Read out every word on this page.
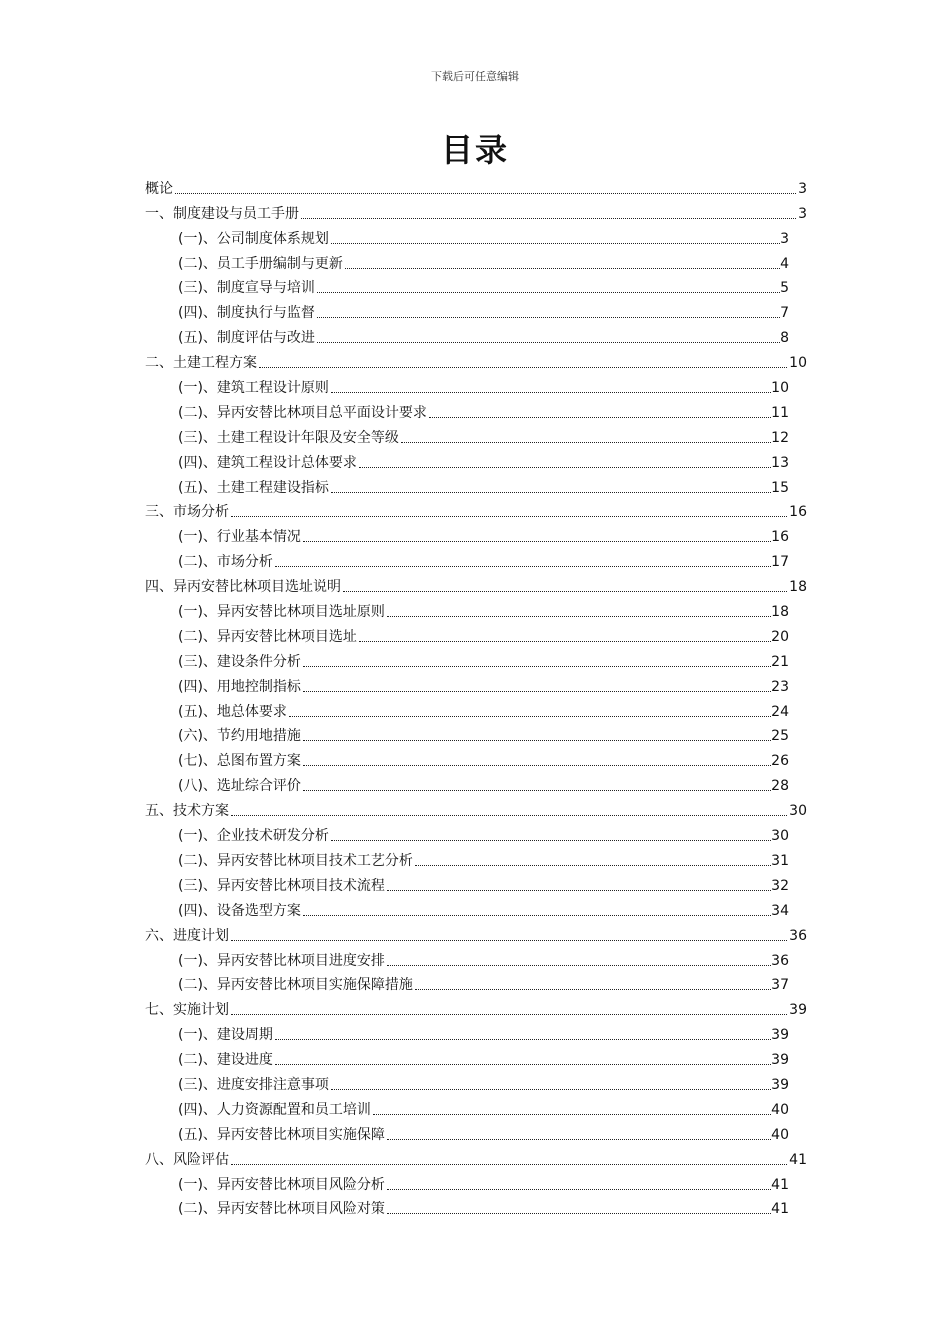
下载后可任意编辑
目录
概论	3
一、制度建设与员工手册	3
(一)、公司制度体系规划	3
(二)、员工手册编制与更新	4
(三)、制度宣导与培训	5
(四)、制度执行与监督	7
(五)、制度评估与改进	8
二、土建工程方案	10
(一)、建筑工程设计原则	10
(二)、异丙安替比林项目总平面设计要求	11
(三)、土建工程设计年限及安全等级	12
(四)、建筑工程设计总体要求	13
(五)、土建工程建设指标	15
三、市场分析	16
(一)、行业基本情况	16
(二)、市场分析	17
四、异丙安替比林项目选址说明	18
(一)、异丙安替比林项目选址原则	18
(二)、异丙安替比林项目选址	20
(三)、建设条件分析	21
(四)、用地控制指标	23
(五)、地总体要求	24
(六)、节约用地措施	25
(七)、总图布置方案	26
(八)、选址综合评价	28
五、技术方案	30
(一)、企业技术研发分析	30
(二)、异丙安替比林项目技术工艺分析	31
(三)、异丙安替比林项目技术流程	32
(四)、设备选型方案	34
六、进度计划	36
(一)、异丙安替比林项目进度安排	36
(二)、异丙安替比林项目实施保障措施	37
七、实施计划	39
(一)、建设周期	39
(二)、建设进度	39
(三)、进度安排注意事项	39
(四)、人力资源配置和员工培训	40
(五)、异丙安替比林项目实施保障	40
八、风险评估	41
(一)、异丙安替比林项目风险分析	41
(二)、异丙安替比林项目风险对策	41
